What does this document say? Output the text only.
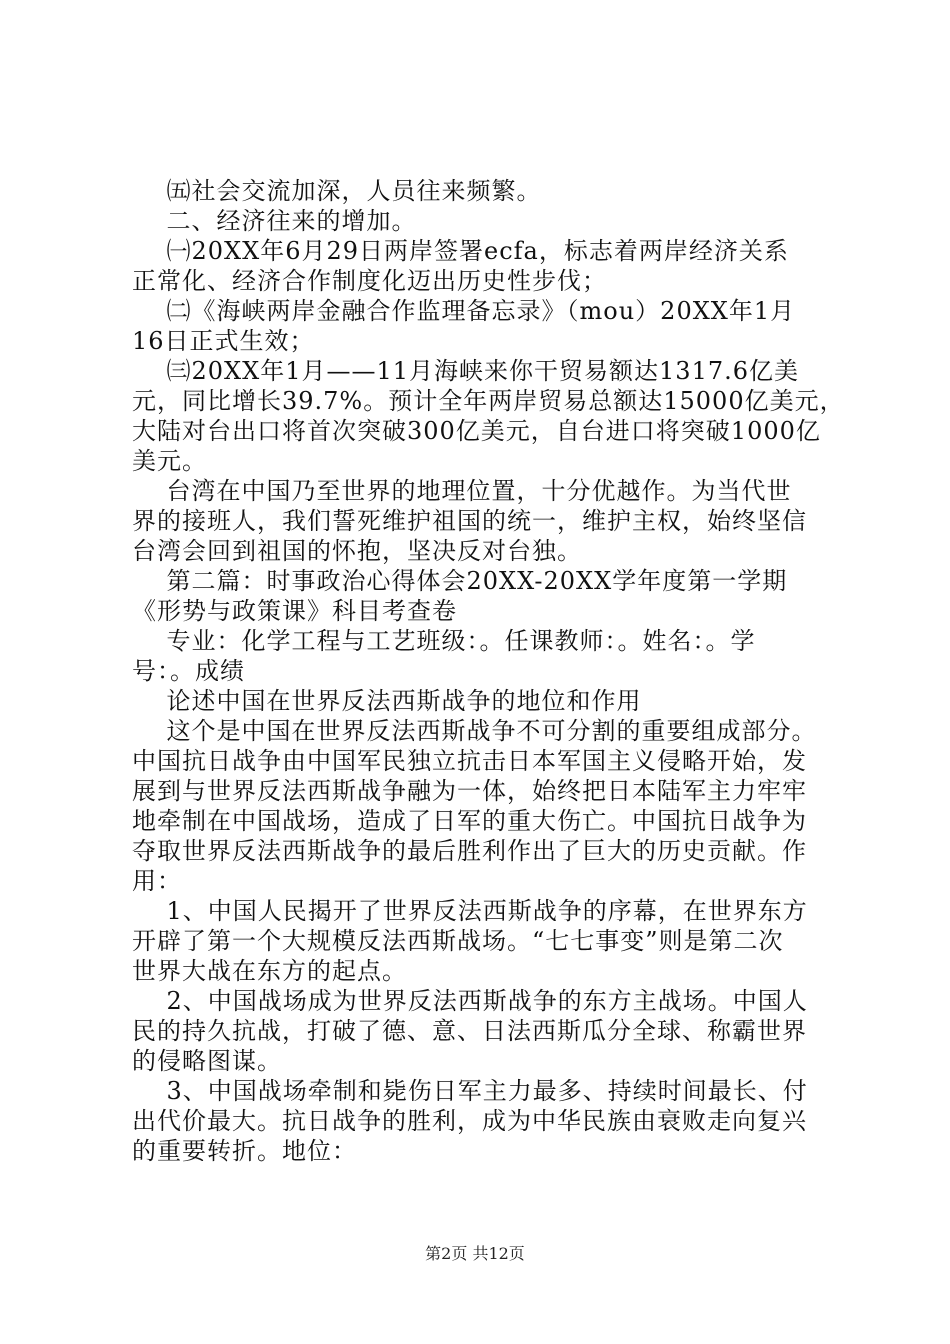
㈤社会交流加深，人员往来频繁。
二、经济往来的增加。
㈠20XX年6月29日两岸签署ecfa，标志着两岸经济关系
正常化、经济合作制度化迈出历史性步伐；
㈡《海峡两岸金融合作监理备忘录》（mou）20XX年1月
16日正式生效；
㈢20XX年1月——11月海峡来你干贸易额达1317.6亿美
元，同比增长39.7%。预计全年两岸贸易总额达15000亿美元，
大陆对台出口将首次突破300亿美元，自台进口将突破1000亿
美元。
台湾在中国乃至世界的地理位置，十分优越作。为当代世
界的接班人，我们誓死维护祖国的统一，维护主权，始终坚信
台湾会回到祖国的怀抱，坚决反对台独。
第二篇：时事政治心得体会20XX-20XX学年度第一学期
《形势与政策课》科目考查卷
专业：化学工程与工艺班级：。任课教师：。姓名：。学
号：。成绩
论述中国在世界反法西斯战争的地位和作用
这个是中国在世界反法西斯战争不可分割的重要组成部分。
中国抗日战争由中国军民独立抗击日本军国主义侵略开始，发
展到与世界反法西斯战争融为一体，始终把日本陆军主力牢牢
地牵制在中国战场，造成了日军的重大伤亡。中国抗日战争为
夺取世界反法西斯战争的最后胜利作出了巨大的历史贡献。作
用：
1、中国人民揭开了世界反法西斯战争的序幕，在世界东方
开辟了第一个大规模反法西斯战场。“七七事变”则是第二次
世界大战在东方的起点。
2、中国战场成为世界反法西斯战争的东方主战场。中国人
民的持久抗战，打破了德、意、日法西斯瓜分全球、称霸世界
的侵略图谋。
3、中国战场牵制和毙伤日军主力最多、持续时间最长、付
出代价最大。抗日战争的胜利，成为中华民族由衰败走向复兴
的重要转折。地位：
第2页 共12页
